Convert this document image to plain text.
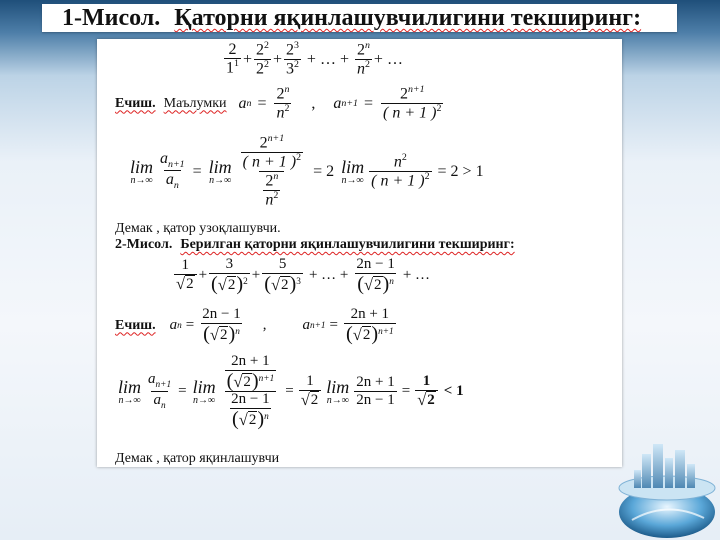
1-Мисол. Қаторни яқинлашувчилигини текширинг:
2
$1^1 + \frac{2^2}{2^2} + \frac{2^3}{3^2}$ + … + $\frac{2^n}{n^2}$ + …
Ечиш. Маълумки a $n = \frac{2^n}{n^2}$ , a $n+1 = \frac{2^{n+1}}{( n + 1 )^2}$
lim
$n\to\infty \frac{a_{n+1}}{a_n} = \lim$
$n\to\infty \frac{\frac{2^{n+1}}{( n + 1 )^2}}{\frac{2^n}{n^2}} = 2$ lim
$n\to\infty \frac{n^2}{( n + 1 )^2} = 2 > 1$
Демак , қатор узоқлашувчи.
2-Мисол. Берилган қаторни яқинлашувчилигини текширинг:
1
√ 2
+ $\frac{3}{( √ 2 )^2} + \frac{5}{( √ 2 )^3}$ + … + $\frac{2n - 1}{( √ 2 )^n}$ + …
Ечиш. a $n = \frac{2n - 1}{( √ 2 )^n}$ , a $n+1 = \frac{2n + 1}{( √ 2 )^{n+1}}$
lim
$n\to\infty \frac{a_{n+1}}{a_n} = \lim$
$n\to\infty \frac{\frac{2n + 1}{( √ 2 )^{n+1}}}{\frac{2n - 1}{( √ 2 )^n}} = \frac{1}{√ 2}$ lim
$n\to\infty \frac{2n + 1}{2n - 1} = \frac{1}{√ 2} < 1$
Демак , қатор яқинлашувчи
